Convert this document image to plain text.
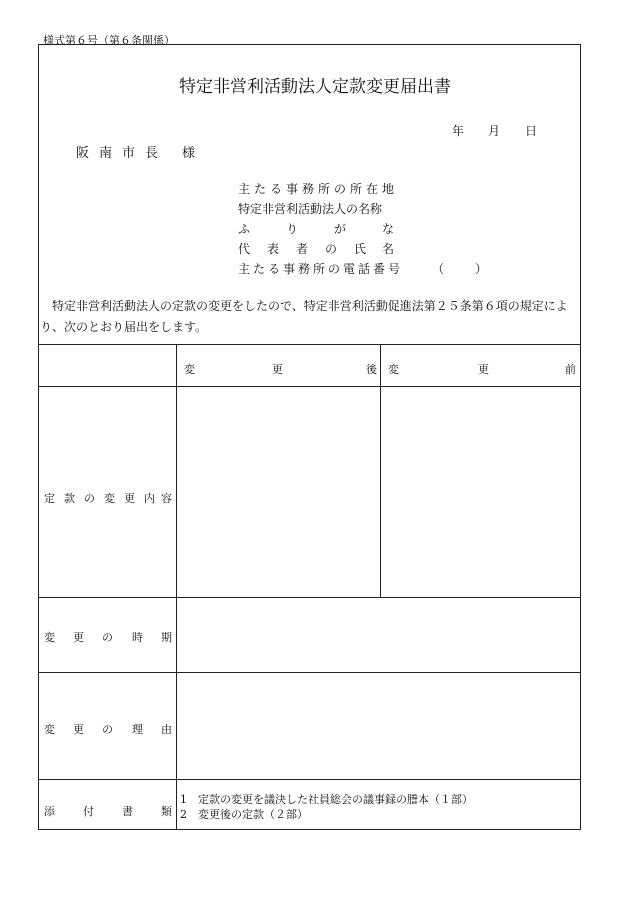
様式第６号（第６条関係）
特定非営利活動法人定款変更届出書
年 月 日
阪 南 市 長 様
主 た る 事 務 所 の 所 在 地
特定非営利活動法人の名称
ふ	り	が	な
代 表 者 の 氏 名
主 た る 事 務 所 の 電 話 番 号	（	）
特定非営利活動法人の定款の変更をしたので、特定非営利活動促進法第２５条第６項の規定により、次のとおり届出をします。
変	更	後 変	更	前
定 款 の 変 更 内 容
変 更 の 時 期
変 更 の 理 由
添	付	書	類
1　定款の変更を議決した社員総会の議事録の謄本（１部）
2　変更後の定款（２部）
